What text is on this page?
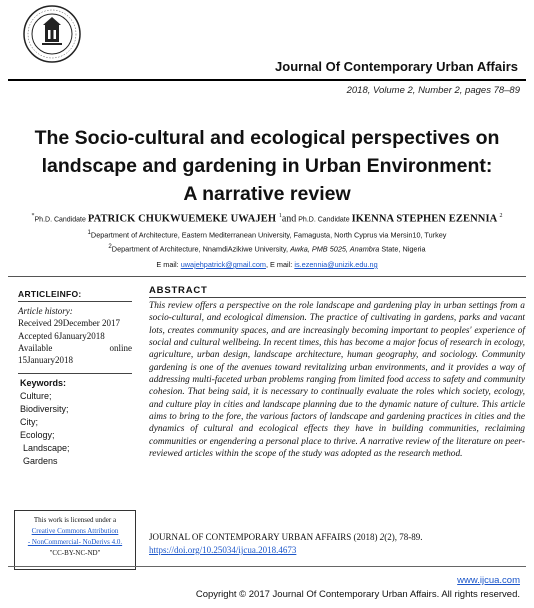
Journal Of Contemporary Urban Affairs
2018, Volume 2, Number 2, pages 78–89
The Socio-cultural and ecological perspectives on
landscape and gardening in Urban Environment:
A narrative review
*Ph.D. Candidate PATRICK CHUKWUEMEKE UWAJEH $^1$and Ph.D. Candidate IKENNA STEPHEN EZENNIA $^2$
$^1$Department of Architecture, Eastern Mediterranean University, Famagusta, North Cyprus via Mersin10, Turkey
$^2$Department of Architecture, NnamdiAzikiwe University, Awka, PMB 5025, Anambra State, Nigeria
E mail: uwajehpatrick@gmail.com, E mail: is.ezennia@unizik.edu.ng
ARTICLEINFO:
Article history:
Received 29December 2017
Accepted 6January2018
Available	online
15January2018
Keywords:
Culture;
Biodiversity;
City;
Ecology;
Landscape;
Gardens
This work is licensed under a
Creative Commons Attribution
- NonCommercial- NoDerivs 4.0.
"CC-BY-NC-ND"
ABSTRACT
This review offers a perspective on the role landscape and gardening play in urban settings from a socio-cultural, and ecological dimension. The practice of cultivating in gardens, parks and vacant lots, creates community spaces, and are increasingly becoming important to peoples' experience of social and cultural wellbeing. In recent times, this has become a major focus of research in ecology, agriculture, urban design, landscape architecture, human geography, and sociology. Community gardening is one of the avenues toward revitalizing urban environments, and it provides a way of addressing multi-faceted urban problems ranging from limited food access to safety and community cohesion. That being said, it is necessary to continually evaluate the roles which society, ecology, and culture play in cities and landscape planning due to the dynamic nature of culture. This article aims to bring to the fore, the various factors of landscape and gardening practices in cities and the dynamics of cultural and ecological effects they have in building communities, reclaiming communities or engendering a personal place to thrive. A narrative review of the literature on peer-reviewed articles within the scope of the study was adopted as the research method.
JOURNAL OF CONTEMPORARY URBAN AFFAIRS (2018) 2(2), 78-89.
https://doi.org/10.25034/ijcua.2018.4673
www.ijcua.com
Copyright © 2017 Journal Of Contemporary Urban Affairs. All rights reserved.
